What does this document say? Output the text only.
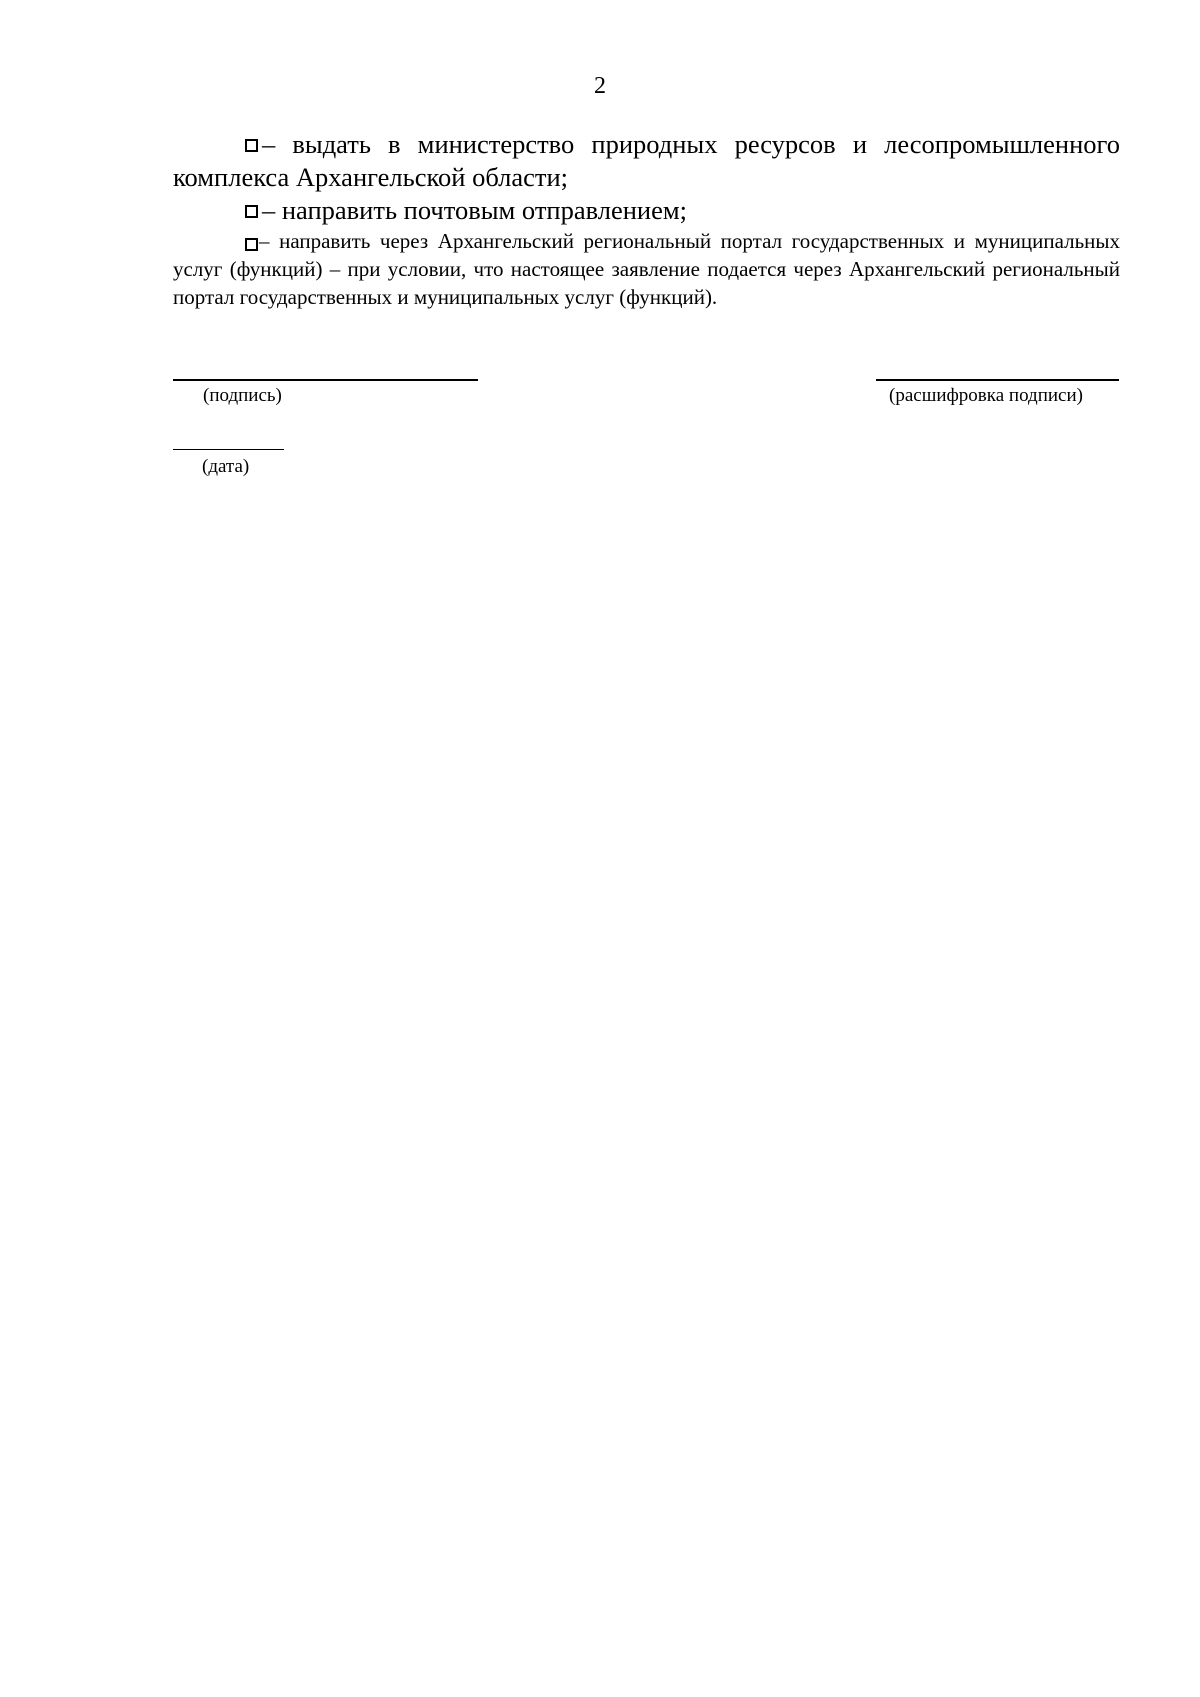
2

– выдать в министерство природных ресурсов и лесопромышленного комплекса Архангельской области;

– направить почтовым отправлением;

– направить через Архангельский региональный портал государственных и муниципальных услуг (функций) – при условии, что настоящее заявление подается через Архангельский региональный портал государственных и муниципальных услуг (функций).

(подпись)	(расшифровка подписи)
(дата)
